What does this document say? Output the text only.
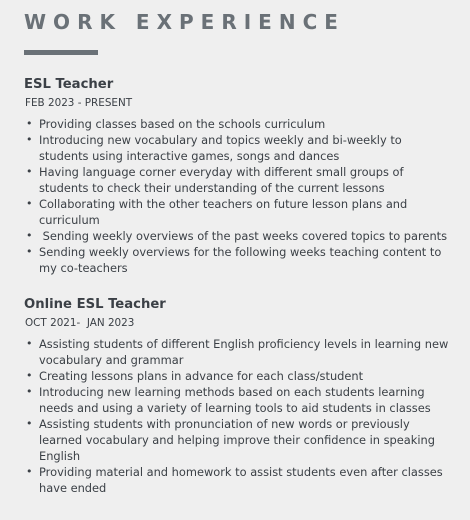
WORK EXPERIENCE
ESL Teacher
FEB 2023 - PRESENT
• Providing classes based on the schools curriculum
• Introducing new vocabulary and topics weekly and bi-weekly to students using interactive games, songs and dances
• Having language corner everyday with different small groups of students to check their understanding of the current lessons
• Collaborating with the other teachers on future lesson plans and curriculum
•  Sending weekly overviews of the past weeks covered topics to parents
• Sending weekly overviews for the following weeks teaching content to my co-teachers
Online ESL Teacher
OCT 2021-  JAN 2023
• Assisting students of different English proficiency levels in learning new vocabulary and grammar
• Creating lessons plans in advance for each class/student
• Introducing new learning methods based on each students learning needs and using a variety of learning tools to aid students in classes
• Assisting students with pronunciation of new words or previously learned vocabulary and helping improve their confidence in speaking English
• Providing material and homework to assist students even after classes have ended
